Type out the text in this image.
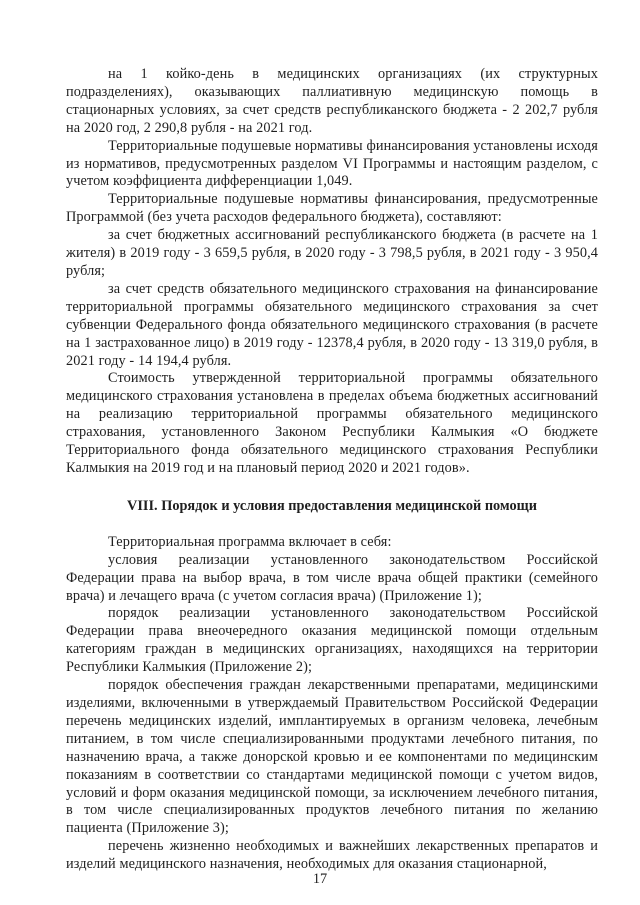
на 1 койко-день в медицинских организациях (их структурных подразделениях), оказывающих паллиативную медицинскую помощь в стационарных условиях, за счет средств республиканского бюджета - 2 202,7 рубля на 2020 год, 2 290,8 рубля - на 2021 год.

Территориальные подушевые нормативы финансирования установлены исходя из нормативов, предусмотренных разделом VI Программы и настоящим разделом, с учетом коэффициента дифференциации 1,049.

Территориальные подушевые нормативы финансирования, предусмотренные Программой (без учета расходов федерального бюджета), составляют:

за счет бюджетных ассигнований республиканского бюджета (в расчете на 1 жителя) в 2019 году - 3 659,5 рубля, в 2020 году - 3 798,5 рубля, в 2021 году - 3 950,4 рубля;

за счет средств обязательного медицинского страхования на финансирование территориальной программы обязательного медицинского страхования за счет субвенции Федерального фонда обязательного медицинского страхования (в расчете на 1 застрахованное лицо) в 2019 году - 12378,4 рубля, в 2020 году - 13 319,0 рубля, в 2021 году - 14 194,4 рубля.

Стоимость утвержденной территориальной программы обязательного медицинского страхования установлена в пределах объема бюджетных ассигнований на реализацию территориальной программы обязательного медицинского страхования, установленного Законом Республики Калмыкия «О бюджете Территориального фонда обязательного медицинского страхования Республики Калмыкия на 2019 год и на плановый период 2020 и 2021 годов».

VIII. Порядок и условия предоставления медицинской помощи

Территориальная программа включает в себя:

условия реализации установленного законодательством Российской Федерации права на выбор врача, в том числе врача общей практики (семейного врача) и лечащего врача (с учетом согласия врача) (Приложение 1);

порядок реализации установленного законодательством Российской Федерации права внеочередного оказания медицинской помощи отдельным категориям граждан в медицинских организациях, находящихся на территории Республики Калмыкия (Приложение 2);

порядок обеспечения граждан лекарственными препаратами, медицинскими изделиями, включенными в утверждаемый Правительством Российской Федерации перечень медицинских изделий, имплантируемых в организм человека, лечебным питанием, в том числе специализированными продуктами лечебного питания, по назначению врача, а также донорской кровью и ее компонентами по медицинским показаниям в соответствии со стандартами медицинской помощи с учетом видов, условий и форм оказания медицинской помощи, за исключением лечебного питания, в том числе специализированных продуктов лечебного питания по желанию пациента (Приложение 3);

перечень жизненно необходимых и важнейших лекарственных препаратов и изделий медицинского назначения, необходимых для оказания стационарной,

17
